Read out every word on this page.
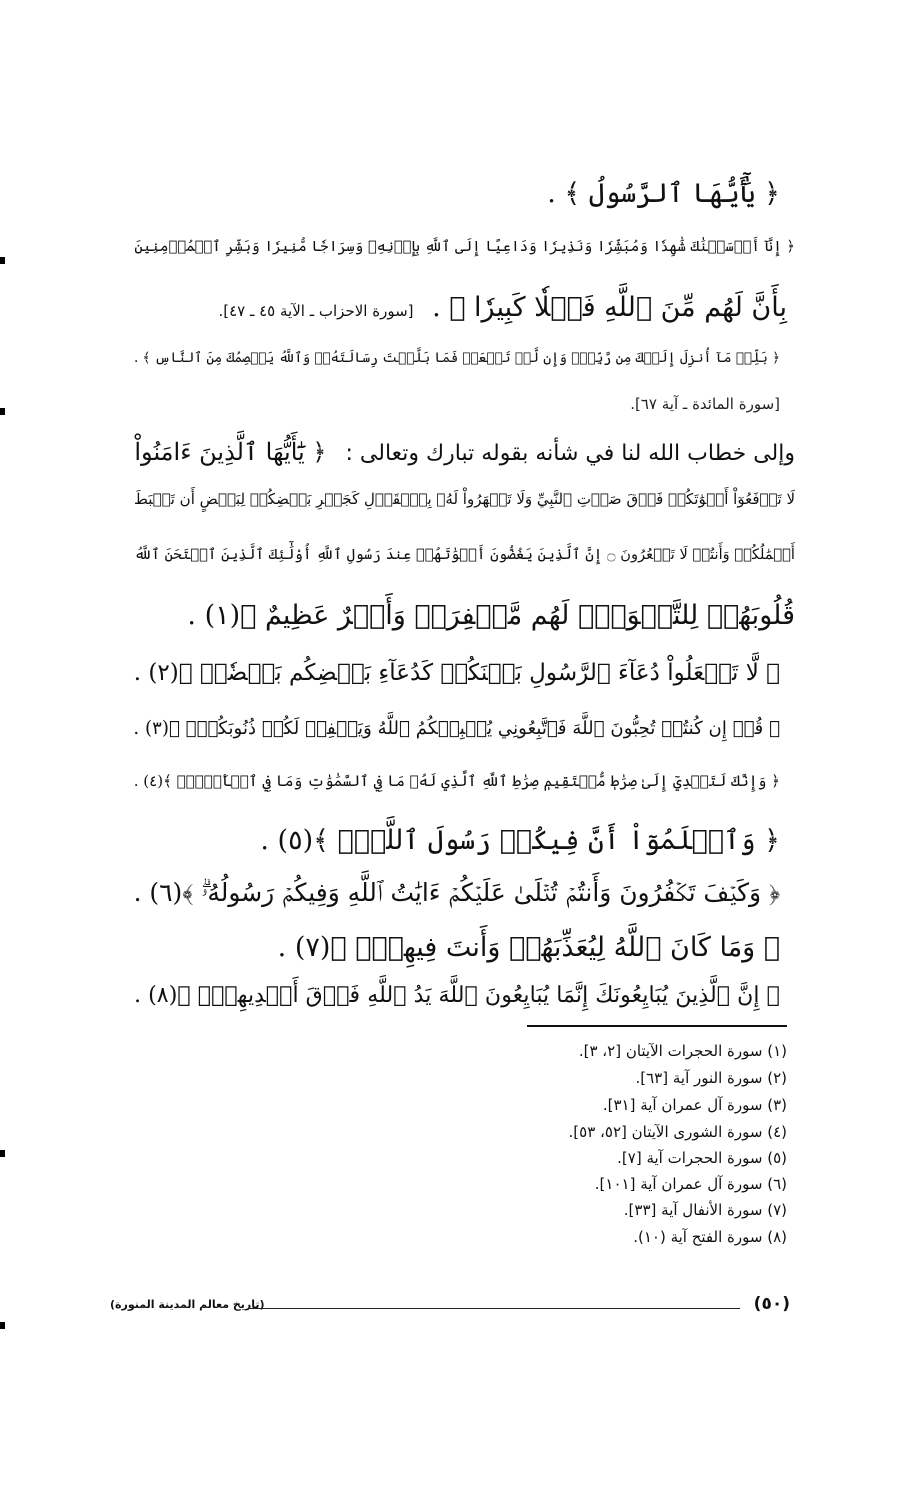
﴿ يَٰٓأَيُّهَا ٱلرَّسُولُ ﴾ .
﴿ إِنَّآ أَرۡسَلۡنَٰكَ شَٰهِدٗا وَمُبَشِّرٗا وَنَذِيرٗا وَدَاعِيًا إِلَى ٱللَّهِ بِإِذۡنِهِۦ وَسِرَاجٗا مُّنِيرٗا وَبَشِّرِ ٱلۡمُؤۡمِنِينَ
بِأَنَّ لَهُم مِّنَ ٱللَّهِ فَضۡلٗا كَبِيرٗا ﴾ . [سورة الاحزاب ـ الآية ٤٥ ـ ٤٧].
﴿ بَلِّغۡ مَآ أُنزِلَ إِلَيۡكَ مِن رَّبِّكَۖ وَإِن لَّمۡ تَفۡعَلۡ فَمَا بَلَّغۡتَ رِسَالَتَهُۥۚ وَٱللَّهُ يَعۡصِمُكَ مِنَ ٱلنَّاسِ ﴾ .
[سورة المائدة ـ آية ٦٧].
وإلى خطاب الله لنا في شأنه بقوله تبارك وتعالى : ﴿ يَٰٓأَيُّهَا ٱلَّذِينَ ءَامَنُواْ
لَا تَرۡفَعُوٓاْ أَصۡوَٰتَكُمۡ فَوۡقَ صَوۡتِ ٱلنَّبِيِّ وَلَا تَجۡهَرُواْ لَهُۥ بِٱلۡقَوۡلِ كَجَهۡرِ بَعۡضِكُمۡ لِبَعۡضٍ أَن تَحۡبَطَ
أَعۡمَٰلُكُمۡ وَأَنتُمۡ لَا تَشۡعُرُونَ ۝ إِنَّ ٱلَّذِينَ يَغُضُّونَ أَصۡوَٰتَهُمۡ عِندَ رَسُولِ ٱللَّهِ أُوْلَٰٓئِكَ ٱلَّذِينَ ٱمۡتَحَنَ ٱللَّهُ
قُلُوبَهُمۡ لِلتَّقۡوَىٰۚ لَهُم مَّغۡفِرَةٞ وَأَجۡرٌ عَظِيمٌ ﴾(١) .
﴿ لَّا تَجۡعَلُواْ دُعَآءَ ٱلرَّسُولِ بَيۡنَكُمۡ كَدُعَآءِ بَعۡضِكُم بَعۡضٗاۚ ﴾(٢) .
﴿ قُلۡ إِن كُنتُمۡ تُحِبُّونَ ٱللَّهَ فَٱتَّبِعُونِي يُحۡبِبۡكُمُ ٱللَّهُ وَيَغۡفِرۡ لَكُمۡ ذُنُوبَكُمۡۚ ﴾(٣) .
﴿ وَإِنَّكَ لَتَهۡدِيٓ إِلَىٰ صِرَٰطٖ مُّسۡتَقِيمٖ صِرَٰطِ ٱللَّهِ ٱلَّذِي لَهُۥ مَا فِي ٱلسَّمَٰوَٰتِ وَمَا فِي ٱلۡأَرۡضِۗ ﴾(٤) .
﴿ وَٱعۡلَمُوٓاْ أَنَّ فِيكُمۡ رَسُولَ ٱللَّهِۚ ﴾(٥) .
﴿ وَكَيۡفَ تَكۡفُرُونَ وَأَنتُمۡ تُتۡلَىٰ عَلَيۡكُمۡ ءَايَٰتُ ٱللَّهِ وَفِيكُمۡ رَسُولُهُۥۗ ﴾(٦) .
﴿ وَمَا كَانَ ٱللَّهُ لِيُعَذِّبَهُمۡ وَأَنتَ فِيهِمۡۚ ﴾(٧) .
﴿ إِنَّ ٱلَّذِينَ يُبَايِعُونَكَ إِنَّمَا يُبَايِعُونَ ٱللَّهَ يَدُ ٱللَّهِ فَوۡقَ أَيۡدِيهِمۡۚ ﴾(٨) .
(١) سورة الحجرات الآيتان [٢، ٣].
(٢) سورة النور آية [٦٣].
(٣) سورة آل عمران آية [٣١].
(٤) سورة الشورى الآيتان [٥٢، ٥٣].
(٥) سورة الحجرات آية [٧].
(٦) سورة آل عمران آية [١٠١].
(٧) سورة الأنفال آية [٣٣].
(٨) سورة الفتح آية (١٠).
(٥٠)
(تاريخ معالم المدينة المنورة)
